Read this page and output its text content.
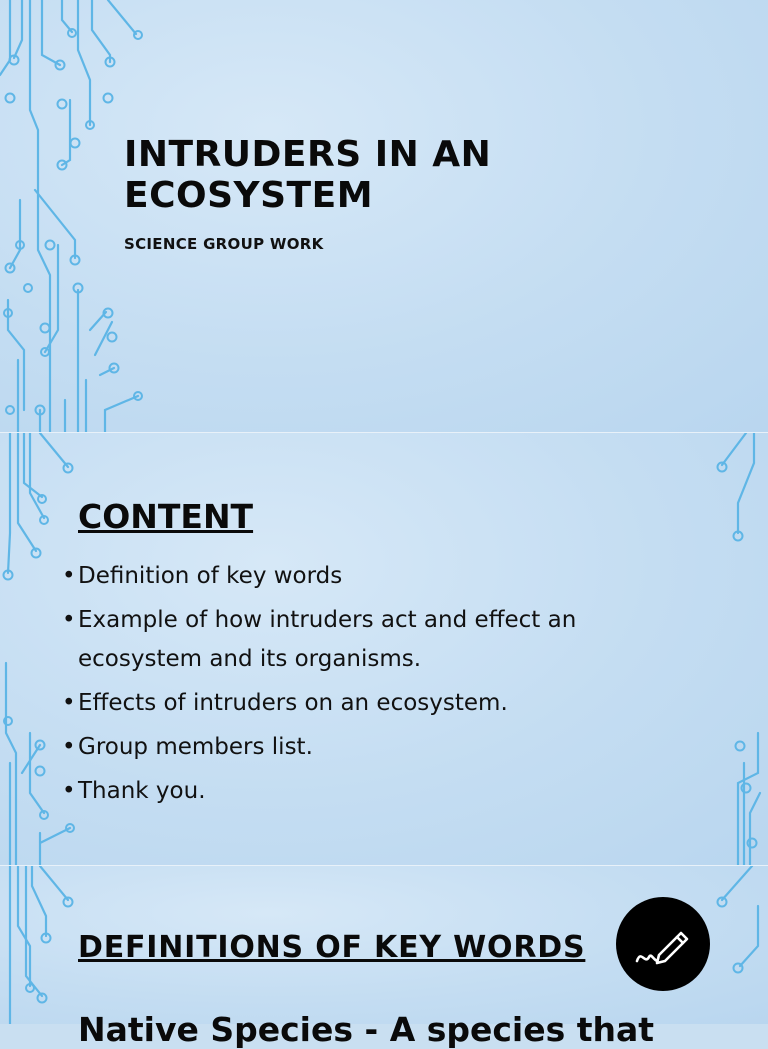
INTRUDERS IN AN ECOSYSTEM

SCIENCE GROUP WORK

CONTENT
• Definition of key words
• Example of how intruders act and effect an ecosystem and its organisms.
• Effects of intruders on an ecosystem.
• Group members list.
• Thank you.
DEFINITIONS OF KEY WORDS

Native Species - A species that
